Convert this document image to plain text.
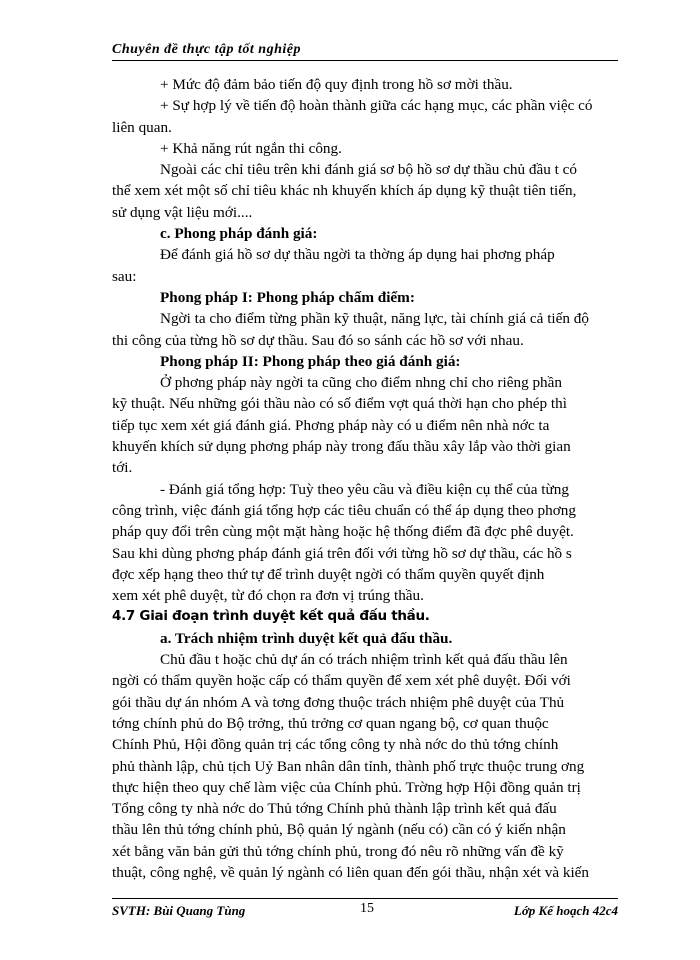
Chuyên đề thực tập tốt nghiệp
+ Mức độ đảm bảo tiến độ quy định trong hồ sơ mời thầu.
+ Sự hợp lý về tiến độ hoàn thành giữa các hạng mục, các phần việc có
liên quan.
+ Khả năng rút ngắn thi công.
Ngoài các chỉ tiêu trên khi đánh giá sơ bộ hồ sơ dự thầu chủ đầu t có
thể xem xét một số chỉ tiêu khác nh khuyến khích áp dụng kỹ thuật tiên tiến,
sử dụng vật liệu mới....
c. Phong pháp đánh giá:
Để đánh giá hồ sơ dự thầu ngời ta thờng áp dụng hai phơng pháp
sau:
Phong pháp I: Phong pháp chấm điểm:
Ngời ta cho điểm từng phần kỹ thuật, năng lực, tài chính giá cả tiến độ
thi công của từng hồ sơ dự thầu. Sau đó so sánh các hồ sơ với nhau.
Phong pháp II: Phong pháp theo giá đánh giá:
Ở phơng pháp này ngời ta cũng cho điểm nhng chỉ cho riêng phần
kỹ thuật. Nếu những gói thầu nào có số điểm vợt quá thời hạn cho phép thì
tiếp tục xem xét giá đánh giá. Phơng pháp này có u điểm nên nhà nớc ta
khuyến khích sử dụng phơng pháp này trong đấu thầu xây lắp vào thời gian
tới.
- Đánh giá tổng hợp: Tuỳ theo yêu cầu và điều kiện cụ thể của từng
công trình, việc đánh giá tổng hợp các tiêu chuẩn có thể áp dụng theo phơng
pháp quy đổi trên cùng một mặt hàng hoặc hệ thống điểm đã đợc phê duyệt.
Sau khi dùng phơng pháp đánh giá trên đối với từng hồ sơ dự thầu, các hồ s
đợc xếp hạng theo thứ tự để trình duyệt ngời có thẩm quyền quyết định
xem xét phê duyệt, từ đó chọn ra đơn vị trúng thầu.
4.7 Giai đoạn trình duyệt kết quả đấu thầu.
a. Trách nhiệm trình duyệt kết quả đấu thầu.
Chủ đầu t hoặc chủ dự án có trách nhiệm trình kết quả đấu thầu lên
ngời có thẩm quyền hoặc cấp có thẩm quyền để xem xét phê duyệt. Đối với
gói thầu dự án nhóm A và tơng đơng thuộc trách nhiệm phê duyệt của Thủ
tớng chính phủ do Bộ trởng, thủ trởng cơ quan ngang bộ, cơ quan thuộc
Chính Phủ, Hội đồng quản trị các tổng công ty nhà nớc do thủ tớng chính
phủ thành lập, chủ tịch Uỷ Ban nhân dân tỉnh, thành phố trực thuộc trung ơng
thực hiện theo quy chế làm việc của Chính phủ. Trờng hợp Hội đồng quản trị
Tổng công ty nhà nớc do Thủ tớng Chính phủ thành lập trình kết quả đấu
thầu lên thủ tớng chính phủ, Bộ quản lý ngành (nếu có) cần có ý kiến nhận
xét bằng văn bản gửi thủ tớng chính phủ, trong đó nêu rõ những vấn đề kỹ
thuật, công nghệ, về quản lý ngành có liên quan đến gói thầu, nhận xét và kiến
SVTH: Bùi Quang Tùng	15	Lớp Kế hoạch 42c4
